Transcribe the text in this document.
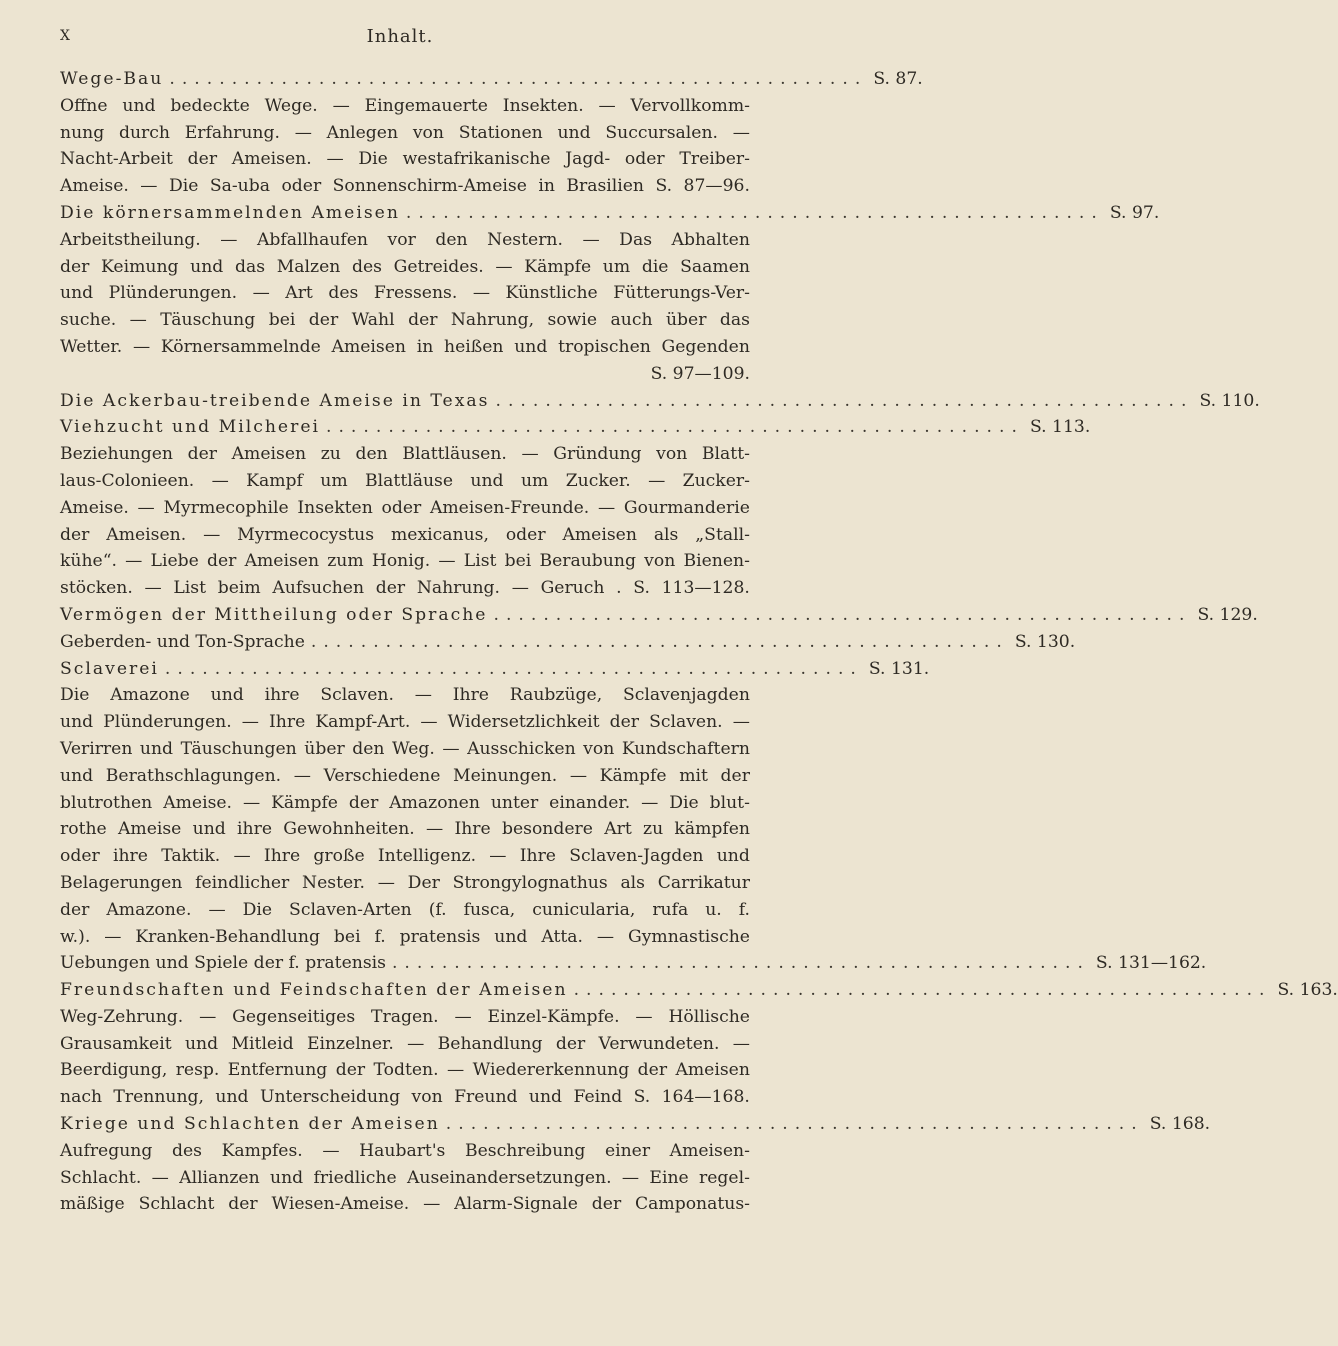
X	Inhalt.
Wege-Bau ........................................................ S. 87.
Offne und bedeckte Wege. — Eingemauerte Insekten. — Vervollkomm-
nung durch Erfahrung. — Anlegen von Stationen und Succursalen. —
Nacht-Arbeit der Ameisen. — Die westafrikanische Jagd- oder Treiber-
Ameise. — Die Sa-uba oder Sonnenschirm-Ameise in Brasilien S. 87—96.
Die körnersammelnden Ameisen ........................................................ S. 97.
Arbeitstheilung. — Abfallhaufen vor den Nestern. — Das Abhalten
der Keimung und das Malzen des Getreides. — Kämpfe um die Saamen
und Plünderungen. — Art des Fressens. — Künstliche Fütterungs-Ver-
suche. — Täuschung bei der Wahl der Nahrung, sowie auch über das
Wetter. — Körnersammelnde Ameisen in heißen und tropischen Gegenden
S. 97—109.
Die Ackerbau-treibende Ameise in Texas ........................................................ S. 110.
Viehzucht und Milcherei ........................................................ S. 113.
Beziehungen der Ameisen zu den Blattläusen. — Gründung von Blatt-
laus-Colonieen. — Kampf um Blattläuse und um Zucker. — Zucker-
Ameise. — Myrmecophile Insekten oder Ameisen-Freunde. — Gourmanderie
der Ameisen. — Myrmecocystus mexicanus, oder Ameisen als „Stall-
kühe“. — Liebe der Ameisen zum Honig. — List bei Beraubung von Bienen-
stöcken. — List beim Aufsuchen der Nahrung. — Geruch . S. 113—128.
Vermögen der Mittheilung oder Sprache ........................................................ S. 129.
Geberden- und Ton-Sprache ........................................................ S. 130.
Sclaverei ........................................................ S. 131.
Die Amazone und ihre Sclaven. — Ihre Raubzüge, Sclavenjagden
und Plünderungen. — Ihre Kampf-Art. — Widersetzlichkeit der Sclaven. —
Verirren und Täuschungen über den Weg. — Ausschicken von Kundschaftern
und Berathschlagungen. — Verschiedene Meinungen. — Kämpfe mit der
blutrothen Ameise. — Kämpfe der Amazonen unter einander. — Die blut-
rothe Ameise und ihre Gewohnheiten. — Ihre besondere Art zu kämpfen
oder ihre Taktik. — Ihre große Intelligenz. — Ihre Sclaven-Jagden und
Belagerungen feindlicher Nester. — Der Strongylognathus als Carrikatur
der Amazone. — Die Sclaven-Arten (f. fusca, cunicularia, rufa u. f.
w.). — Kranken-Behandlung bei f. pratensis und Atta. — Gymnastische
Uebungen und Spiele der f. pratensis ........................................................ S. 131—162.
Freundschaften und Feindschaften der Ameisen ........................................................ S. 163.
Weg-Zehrung. — Gegenseitiges Tragen. — Einzel-Kämpfe. — Höllische
Grausamkeit und Mitleid Einzelner. — Behandlung der Verwundeten. —
Beerdigung, resp. Entfernung der Todten. — Wiedererkennung der Ameisen
nach Trennung, und Unterscheidung von Freund und Feind S. 164—168.
Kriege und Schlachten der Ameisen ........................................................ S. 168.
Aufregung des Kampfes. — Haubart's Beschreibung einer Ameisen-
Schlacht. — Allianzen und friedliche Auseinandersetzungen. — Eine regel-
mäßige Schlacht der Wiesen-Ameise. — Alarm-Signale der Camponatus-
